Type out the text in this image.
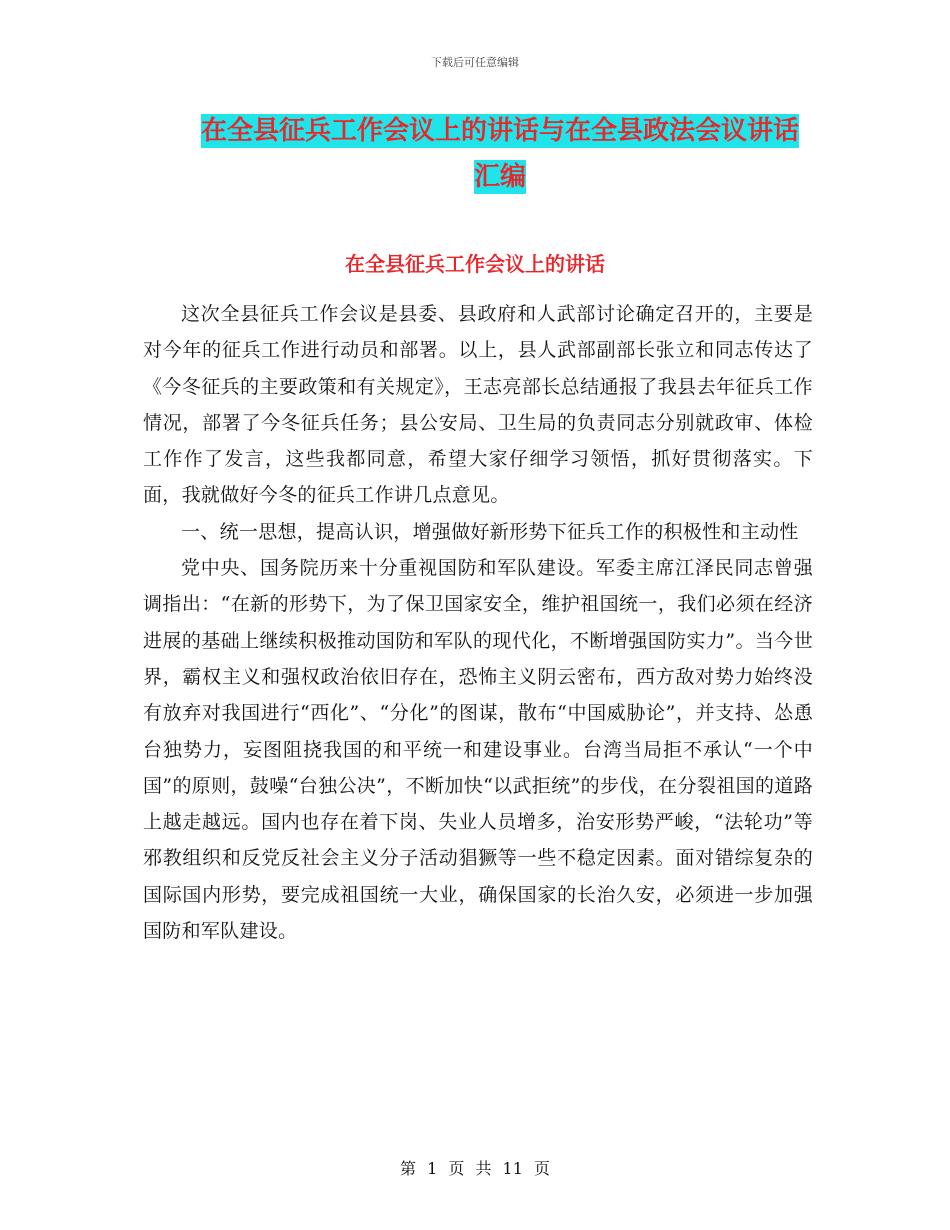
下载后可任意编辑
在全县征兵工作会议上的讲话与在全县政法会议讲话
汇编
在全县征兵工作会议上的讲话

这次全县征兵工作会议是县委、县政府和人武部讨论确定召开的，主要是对今年的征兵工作进行动员和部署。以上，县人武部副部长张立和同志传达了《今冬征兵的主要政策和有关规定》，王志亮部长总结通报了我县去年征兵工作情况，部署了今冬征兵任务；县公安局、卫生局的负责同志分别就政审、体检工作作了发言，这些我都同意，希望大家仔细学习领悟，抓好贯彻落实。下面，我就做好今冬的征兵工作讲几点意见。

一、统一思想，提高认识，增强做好新形势下征兵工作的积极性和主动性

党中央、国务院历来十分重视国防和军队建设。军委主席江泽民同志曾强调指出：“在新的形势下，为了保卫国家安全，维护祖国统一，我们必须在经济进展的基础上继续积极推动国防和军队的现代化，不断增强国防实力”。当今世界，霸权主义和强权政治依旧存在，恐怖主义阴云密布，西方敌对势力始终没有放弃对我国进行“西化”、“分化”的图谋，散布“中国威胁论”，并支持、怂恿台独势力，妄图阻挠我国的和平统一和建设事业。台湾当局拒不承认“一个中国”的原则，鼓噪“台独公决”，不断加快“以武拒统”的步伐，在分裂祖国的道路上越走越远。国内也存在着下岗、失业人员增多，治安形势严峻，“法轮功”等邪教组织和反党反社会主义分子活动猖獗等一些不稳定因素。面对错综复杂的国际国内形势，要完成祖国统一大业，确保国家的长治久安，必须进一步加强国防和军队建设。

第 1 页 共 11 页
